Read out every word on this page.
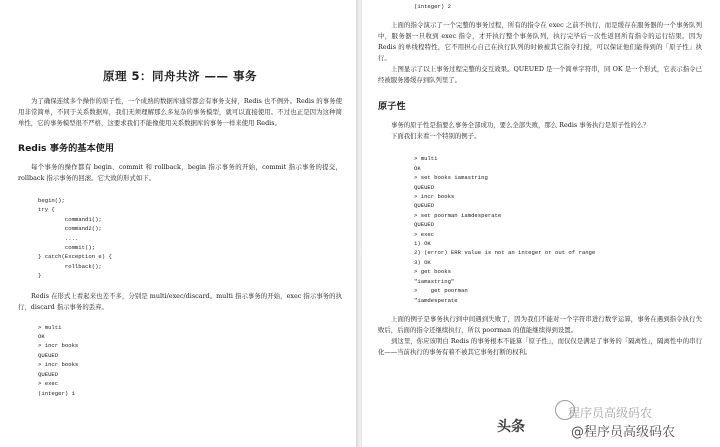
原理 5：同舟共济 —— 事务

为了确保连续多个操作的原子性，一个成熟的数据库通常都会有事务支持，Redis 也不例外。Redis 的事务使用非常简单，不同于关系数据库，我们无须理解那么多复杂的事务模型，就可以直接使用。不过也正是因为这种简单性，它的事务模型很不严格，这要求我们不能像使用关系数据库的事务一样来使用 Redis。

Redis 事务的基本使用

每个事务的操作都有 begin、commit 和 rollback，begin 指示事务的开始，commit 指示事务的提交，rollback 指示事务的回滚。它大致的形式如下。

begin();
try {
command1();
command2();
....
commit();
} catch(Exception e) {
rollback();
}

Redis 在形式上看起来也差不多，分别是 multi/exec/discard。multi 指示事务的开始，exec 指示事务的执行，discard 指示事务的丢弃。

> multi
OK
> incr books
QUEUED
> incr books
QUEUED
> exec
(integer) 1
(integer) 2

上面的指令演示了一个完整的事务过程，所有的指令在 exec 之前不执行，而是缓存在服务器的一个事务队列中，服务器一旦收到 exec 指令，才开执行整个事务队列，执行完毕后一次性返回所有指令的运行结果。因为 Redis 的单线程特性，它不用担心自己在执行队列的时候被其它指令打搅，可以保证他们能得到的「原子性」执行。

上图显示了以上事务过程完整的交互效果。QUEUED 是一个简单字符串，同 OK 是一个形式，它表示指令已经被服务器缓存到队列里了。

原子性

事务的原子性是指要么事务全部成功，要么全部失败，那么 Redis 事务执行是原子性的么？

下面我们来看一个特别的例子。

> multi
OK
> set books iamastring
QUEUED
> incr books
QUEUED
> set poorman iamdesperate
QUEUED
> exec
1) OK
2) (error) ERR value is not an integer or out of range
3) OK
> get books
"iamastring"
>    get poorman
"iamdesperate

上面的例子是事务执行到中间遇到失败了，因为我们不能对一个字符串进行数学运算，事务在遇到指令执行失败后，后面的指令还继续执行，所以 poorman 的值能继续得到设置。

到这里，你应该明白 Redis 的事务根本不能算「原子性」，而仅仅是满足了事务的「隔离性」，隔离性中的串行化——当前执行的事务有着不被其它事务打断的权利。

程序员高级码农
头条	@程序员高级码农
